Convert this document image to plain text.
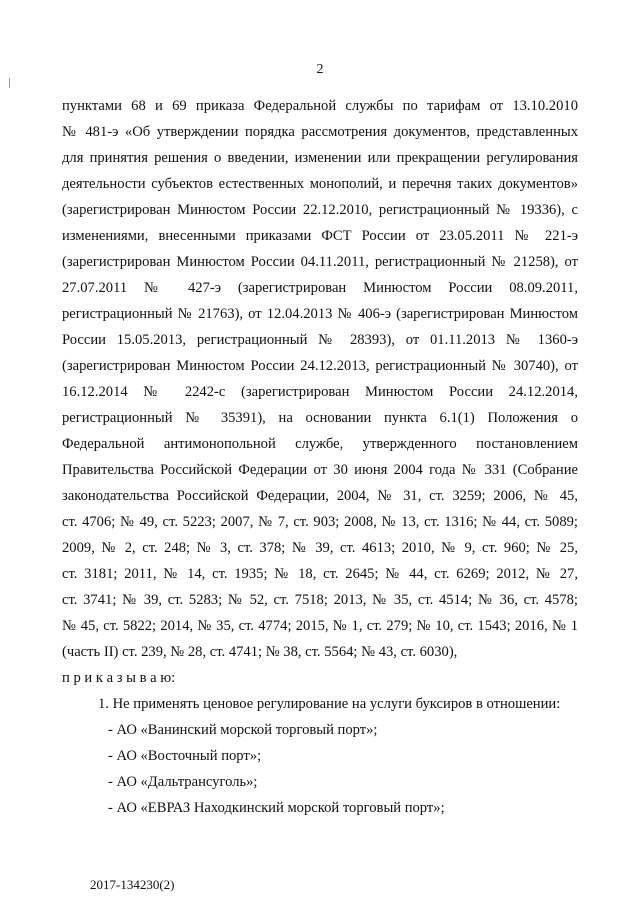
2
пунктами 68 и 69 приказа Федеральной службы по тарифам от 13.10.2010
№ 481-э «Об утверждении порядка рассмотрения документов, представленных
для принятия решения о введении, изменении или прекращении регулирования
деятельности субъектов естественных монополий, и перечня таких документов»
(зарегистрирован Минюстом России 22.12.2010, регистрационный № 19336), с
изменениями, внесенными приказами ФСТ России от 23.05.2011 № 221-э
(зарегистрирован Минюстом России 04.11.2011, регистрационный № 21258), от
27.07.2011 № 427-э (зарегистрирован Минюстом России 08.09.2011,
регистрационный № 21763), от 12.04.2013 № 406-э (зарегистрирован Минюстом
России 15.05.2013, регистрационный № 28393), от 01.11.2013 № 1360-э
(зарегистрирован Минюстом России 24.12.2013, регистрационный № 30740), от
16.12.2014 № 2242-с (зарегистрирован Минюстом России 24.12.2014,
регистрационный № 35391), на основании пункта 6.1(1) Положения о
Федеральной антимонопольной службе, утвержденного постановлением
Правительства Российской Федерации от 30 июня 2004 года № 331 (Собрание
законодательства Российской Федерации, 2004, № 31, ст. 3259; 2006, № 45,
ст. 4706; № 49, ст. 5223; 2007, № 7, ст. 903; 2008, № 13, ст. 1316; № 44, ст. 5089;
2009, № 2, ст. 248; № 3, ст. 378; № 39, ст. 4613; 2010, № 9, ст. 960; № 25,
ст. 3181; 2011, № 14, ст. 1935; № 18, ст. 2645; № 44, ст. 6269; 2012, № 27,
ст. 3741; № 39, ст. 5283; № 52, ст. 7518; 2013, № 35, ст. 4514; № 36, ст. 4578;
№ 45, ст. 5822; 2014, № 35, ст. 4774; 2015, № 1, ст. 279; № 10, ст. 1543; 2016, № 1
(часть II) ст. 239, № 28, ст. 4741; № 38, ст. 5564; № 43, ст. 6030),
п р и к а з ы в а ю:
1. Не применять ценовое регулирование на услуги буксиров в отношении:
- АО «Ванинский морской торговый порт»;
- АО «Восточный порт»;
- АО «Дальтрансуголь»;
- АО «ЕВРАЗ Находкинский морской торговый порт»;
2017-134230(2)
